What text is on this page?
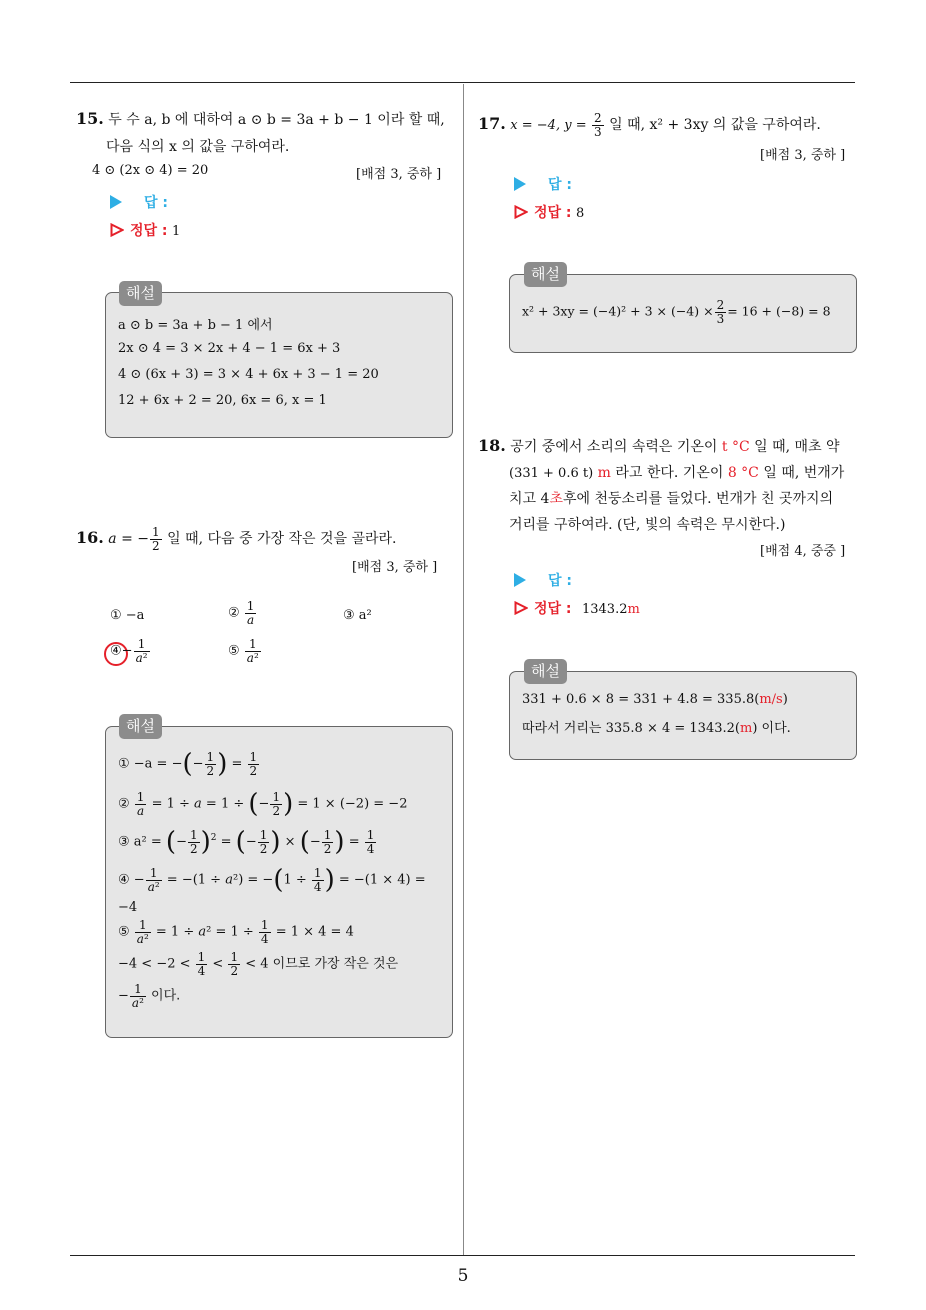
5
15. 두 수 a, b 에 대하여 a ⊙ b = 3a + b − 1 이라 할 때,
다음 식의 x 의 값을 구하여라.
4 ⊙ (2x ⊙ 4) = 20	[배점 3, 중하 ]
답 :
정답 : 1
a ⊙ b = 3a + b − 1 에서
2x ⊙ 4 = 3 × 2x + 4 − 1 = 6x + 3
4 ⊙ (6x + 3) = 3 × 4 + 6x + 3 − 1 = 20
12 + 6x + 2 = 20, 6x = 6, x = 1
해설
16. a = − $\frac{1}{2}$ 일 때, 다음 중 가장 작은 것을 골라라.
[배점 3, 중하 ]
① −a	② $\frac{1}{a}$	③ a²
④− $\frac{1}{\text{a²}}$	⑤ $\frac{1}{\text{a²}}$
① −a = −(− $\frac{1}{2}$ ) = $\frac{1}{2}$
② $\frac{1}{a} = 1 \div a = 1$ ÷ (− $\frac{1}{2}$ ) = 1 × (−2) = −2
③ a² = (− $\frac{1}{2} )^2$ = (− $\frac{1}{2}$ ) × (− $\frac{1}{2}$ ) = $\frac{1}{4}$
④ − $\frac{1}{\text{a²}} = -(1 \div a^2) = -(1 \div \frac{1}{4}$ ) = −(1 × 4) =
−4
⑤ $\frac{1}{\text{a²}} = 1 \div a^2 = 1 \div \frac{1}{4} = 1 \times 4 = 4$
$-4 < -2 < \frac{1}{4} < \frac{1}{2} < 4$ 이므로 가장 작은 것은
− $\frac{1}{\text{a²}}$ 이다.
해설
17. x = −4, $y = \frac{2}{3}$ 일 때, x² + 3xy 의 값을 구하여라.
[배점 3, 중하 ]
답 :
정답 : 8
$x^2 + 3xy = (-4)^2 + 3 \times (-4) \times \frac{2}{3} = 16 + (-8) = 8$
해설
18. 공기 중에서 소리의 속력은 기온이 t °C 일 때, 매초 약
(331 + 0.6 t) m 라고 한다. 기온이 8 °C 일 때, 번개가
치고 4초후에 천둥소리를 들었다. 번개가 친 곳까지의
거리를 구하여라. (단, 빛의 속력은 무시한다.)
[배점 4, 중중 ]
답 :
정답 : 1343.2m
331 + 0.6 × 8 = 331 + 4.8 = 335.8(m/s)
따라서 거리는 335.8 × 4 = 1343.2(m) 이다.
해설
